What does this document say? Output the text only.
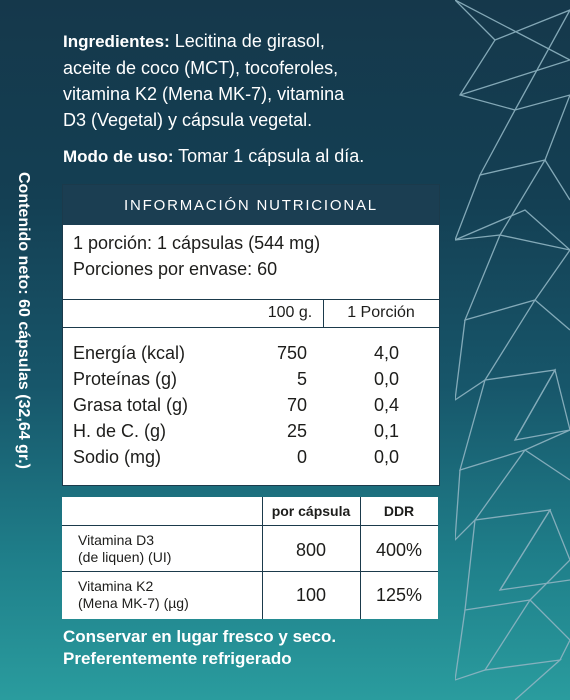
Contenido neto: 60 cápsulas (32,64 gr.)
Ingredientes: Lecitina de girasol,
aceite de coco (MCT), tocoferoles,
vitamina K2 (Mena MK-7), vitamina
D3 (Vegetal) y cápsula vegetal.
Modo de uso: Tomar 1 cápsula al día.
INFORMACIÓN NUTRICIONAL
1 porción: 1 cápsulas (544 mg)
Porciones por envase: 60
100 g.	1 Porción
Energía (kcal)	750	4,0
Proteínas (g)	5	0,0
Grasa total (g)	70	0,4
H. de C. (g)	25	0,1
Sodio (mg)	0	0,0
por cápsula	DDR
Vitamina D3
(de liquen) (UI)	800	400%
Vitamina K2
(Mena MK-7) (µg)	100	125%
Conservar en lugar fresco y seco.
Preferentemente refrigerado
